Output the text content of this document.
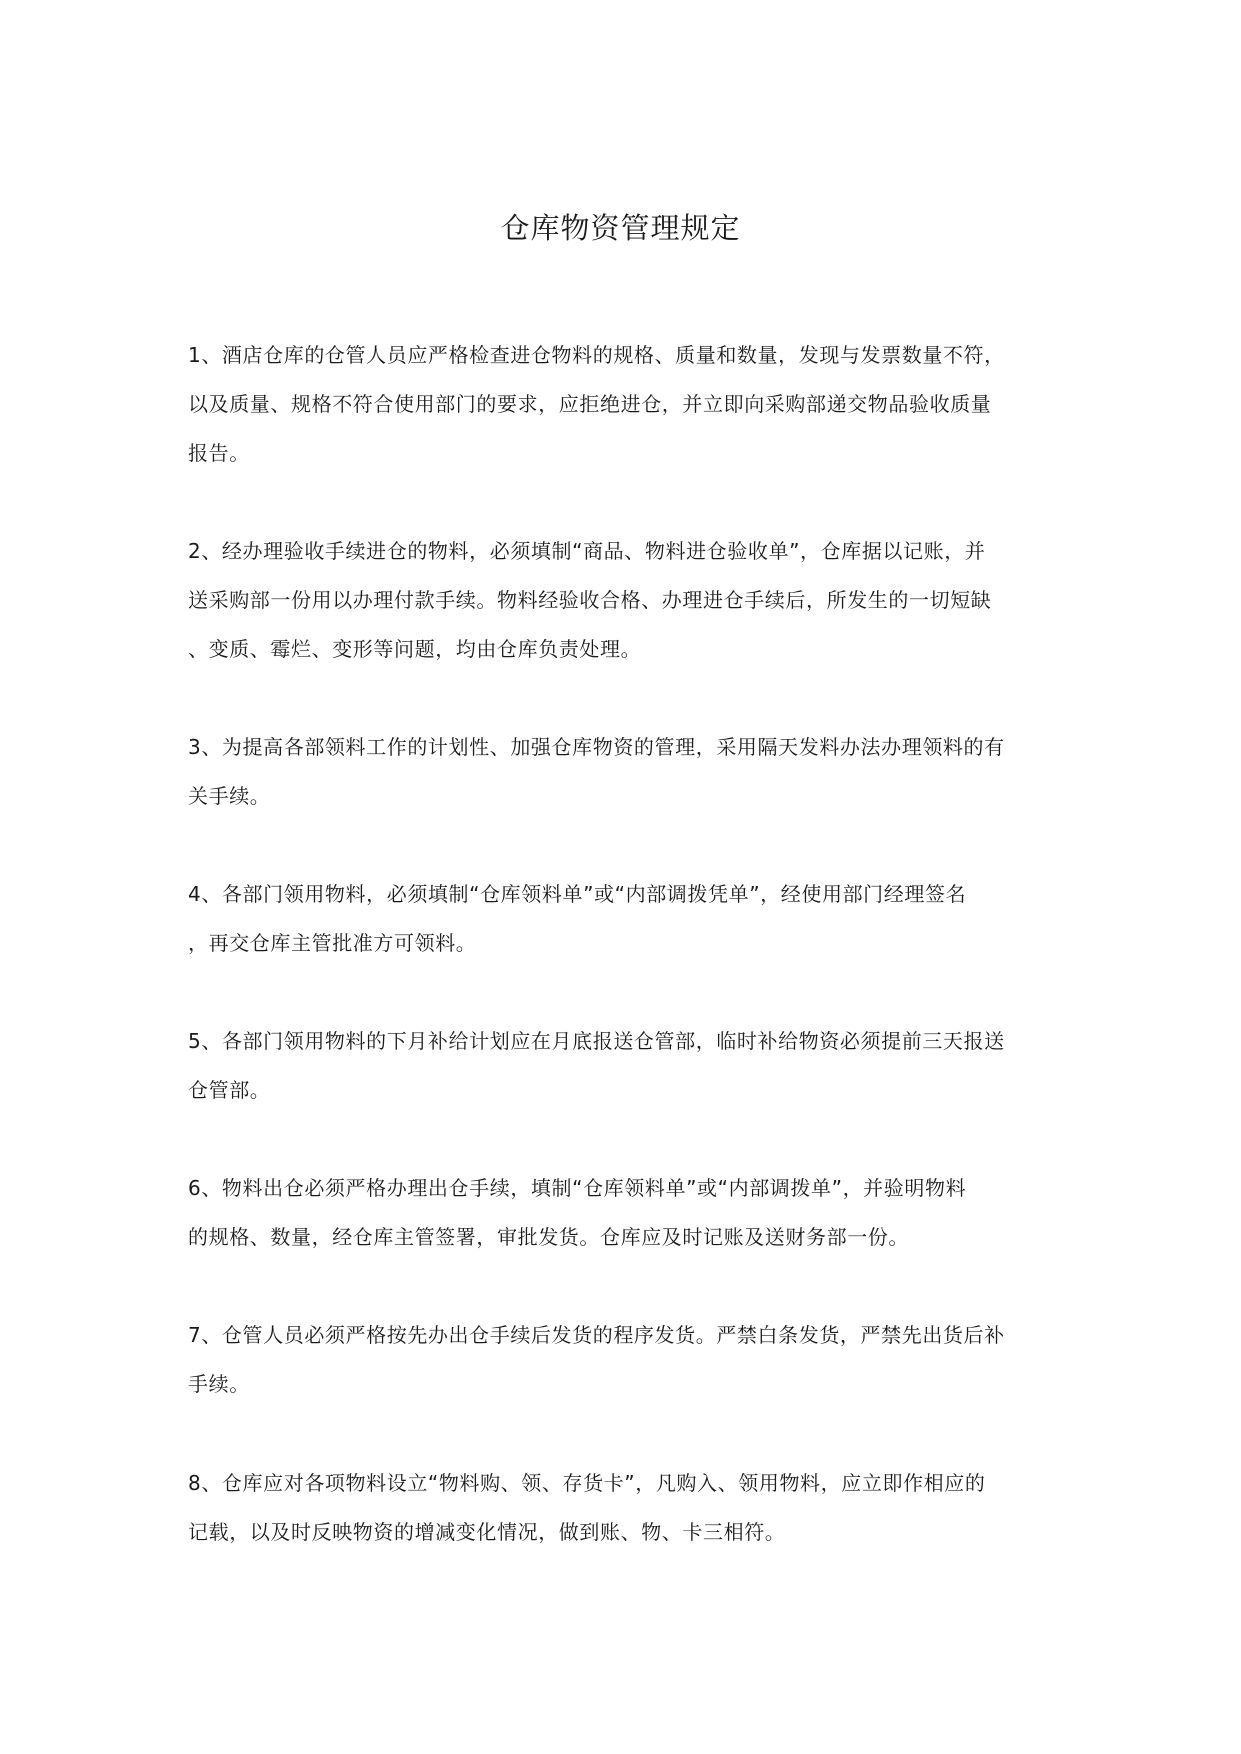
仓库物资管理规定

1、酒店仓库的仓管人员应严格检查进仓物料的规格、质量和数量，发现与发票数量不符，
以及质量、规格不符合使用部门的要求，应拒绝进仓，并立即向采购部递交物品验收质量
报告。

2、经办理验收手续进仓的物料，必须填制“商品、物料进仓验收单”，仓库据以记账，并
送采购部一份用以办理付款手续。物料经验收合格、办理进仓手续后，所发生的一切短缺
、变质、霉烂、变形等问题，均由仓库负责处理。

3、为提高各部领料工作的计划性、加强仓库物资的管理，采用隔天发料办法办理领料的有
关手续。

4、各部门领用物料，必须填制“仓库领料单”或“内部调拨凭单”，经使用部门经理签名
，再交仓库主管批准方可领料。

5、各部门领用物料的下月补给计划应在月底报送仓管部，临时补给物资必须提前三天报送
仓管部。

6、物料出仓必须严格办理出仓手续，填制“仓库领料单”或“内部调拨单”，并验明物料
的规格、数量，经仓库主管签署，审批发货。仓库应及时记账及送财务部一份。

7、仓管人员必须严格按先办出仓手续后发货的程序发货。严禁白条发货，严禁先出货后补
手续。

8、仓库应对各项物料设立“物料购、领、存货卡”，凡购入、领用物料，应立即作相应的
记载，以及时反映物资的增减变化情况，做到账、物、卡三相符。
